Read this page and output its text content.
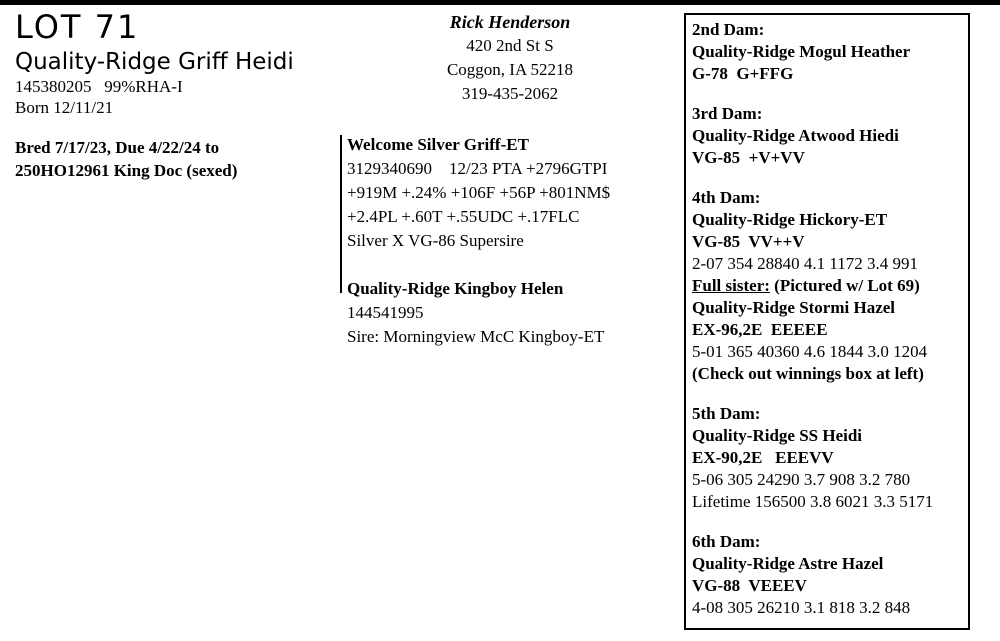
LOT 71
Quality-Ridge Griff Heidi
145380205   99%RHA-I
Born 12/11/21
Bred 7/17/23, Due 4/22/24 to
250HO12961 King Doc (sexed)
Rick Henderson
420 2nd St S
Coggon, IA 52218
319-435-2062
Welcome Silver Griff-ET
3129340690    12/23 PTA +2796GTPI
+919M +.24% +106F +56P +801NM$
+2.4PL +.60T +.55UDC +.17FLC
Silver X VG-86 Supersire
Quality-Ridge Kingboy Helen
144541995
Sire: Morningview McC Kingboy-ET
2nd Dam:
Quality-Ridge Mogul Heather
G-78  G+FFG
3rd Dam:
Quality-Ridge Atwood Hiedi
VG-85  +V+VV
4th Dam:
Quality-Ridge Hickory-ET
VG-85  VV++V
2-07 354 28840 4.1 1172 3.4 991
Full sister: (Pictured w/ Lot 69)
Quality-Ridge Stormi Hazel
EX-96,2E  EEEEE
5-01 365 40360 4.6 1844 3.0 1204
(Check out winnings box at left)
5th Dam:
Quality-Ridge SS Heidi
EX-90,2E   EEEVV
5-06 305 24290 3.7 908 3.2 780
Lifetime 156500 3.8 6021 3.3 5171
6th Dam:
Quality-Ridge Astre Hazel
VG-88  VEEEV
4-08 305 26210 3.1 818 3.2 848
